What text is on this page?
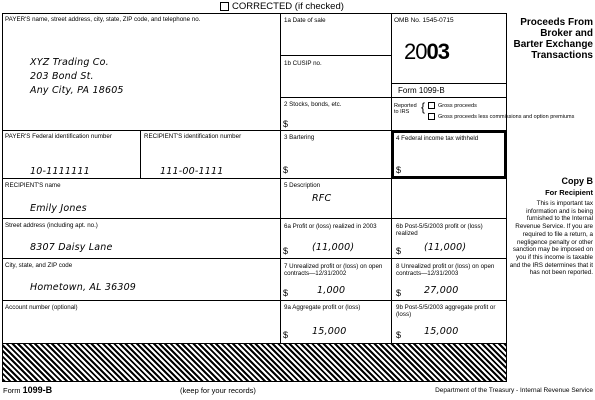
CORRECTED (if checked)
PAYER'S name, street address, city, state, ZIP code, and telephone no.
XYZ Trading Co.
203 Bond St.
Any City, PA 18605
PAYER'S Federal identification number
10-1111111
RECIPIENT'S identification number
111-00-1111
RECIPIENT'S name
Emily Jones
Street address (including apt. no.)
8307 Daisy Lane
City, state, and ZIP code
Hometown, AL 36309
Account number (optional)
1a Date of sale
1b CUSIP no.
2 Stocks, bonds, etc.
$
Reported to IRS { Gross proceeds
Gross proceeds less commissions and option premiums
3 Bartering
$
4 Federal income tax withheld
$
5 Description
RFC
6a Profit or (loss) realized in 2003
$	(11,000)
6b Post-5/5/2003 profit or (loss) realized
$ (11,000)
7 Unrealized profit or (loss) on open contracts—12/31/2002
$	1,000
8 Unrealized profit or (loss) on open contracts—12/31/2003
$ 27,000
9a Aggregate profit or (loss)
$	15,000
9b Post-5/5/2003 aggregate profit or (loss)
$ 15,000
OMB No. 1545-0715
2003
Form 1099-B
Proceeds From
Broker and
Barter Exchange
Transactions
Copy B
For Recipient
This is important tax information and is being furnished to the Internal Revenue Service. If you are required to file a return, a negligence penalty or other sanction may be imposed on you if this income is taxable and the IRS determines that it has not been reported.
Form 1099-B	(keep for your records)	Department of the Treasury - Internal Revenue Service
